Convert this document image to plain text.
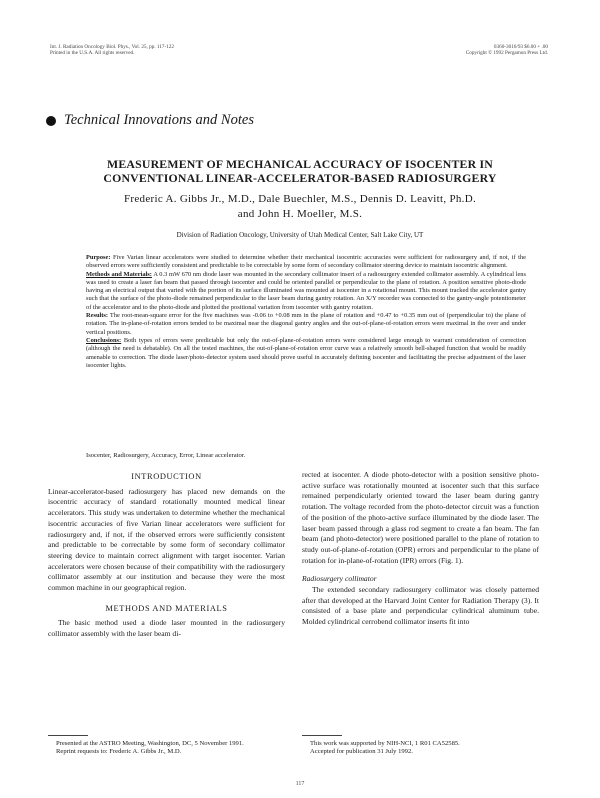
Int. J. Radiation Oncology Biol. Phys., Vol. 25, pp. 117-122
Printed in the U.S.A. All rights reserved.
0360-3016/93 $6.00 + .00
Copyright © 1992 Pergamon Press Ltd.
Technical Innovations and Notes
MEASUREMENT OF MECHANICAL ACCURACY OF ISOCENTER IN
CONVENTIONAL LINEAR-ACCELERATOR-BASED RADIOSURGERY
Frederic A. Gibbs Jr., M.D., Dale Buechler, M.S., Dennis D. Leavitt, Ph.D.
and John H. Moeller, M.S.
Division of Radiation Oncology, University of Utah Medical Center, Salt Lake City, UT

Purpose: Five Varian linear accelerators were studied to determine whether their mechanical isocentric accuracies were sufficient for radiosurgery and, if not, if the observed errors were sufficiently consistent and predictable to be correctable by some form of secondary collimator steering device to maintain isocentric alignment.

Methods and Materials: A 0.3 mW 670 nm diode laser was mounted in the secondary collimator insert of a radiosurgery extended collimator assembly. A cylindrical lens was used to create a laser fan beam that passed through isocenter and could be oriented parallel or perpendicular to the plane of rotation. A position sensitive photo-diode having an electrical output that varied with the portion of its surface illuminated was mounted at isocenter in a rotational mount. This mount tracked the accelerator gantry such that the surface of the photo-diode remained perpendicular to the laser beam during gantry rotation. An X/Y recorder was connected to the gantry-angle potentiometer of the accelerator and to the photo-diode and plotted the positional variation from isocenter with gantry rotation.

Results: The root-mean-square error for the five machines was -0.06 to +0.08 mm in the plane of rotation and +0.47 to +0.35 mm out of (perpendicular to) the plane of rotation. The in-plane-of-rotation errors tended to be maximal near the diagonal gantry angles and the out-of-plane-of-rotation errors were maximal in the over and under vertical positions.

Conclusions: Both types of errors were predictable but only the out-of-plane-of-rotation errors were considered large enough to warrant consideration of correction (although the need is debatable). On all the tested machines, the out-of-plane-of-rotation error curve was a relatively smooth bell-shaped function that would be readily amenable to correction. The diode laser/photo-detector system used should prove useful in accurately defining isocenter and facilitating the precise adjustment of the laser isocenter lights.

Isocenter, Radiosurgery, Accuracy, Error, Linear accelerator.
INTRODUCTION

Linear-accelerator-based radiosurgery has placed new demands on the isocentric accuracy of standard rotationally mounted medical linear accelerators. This study was undertaken to determine whether the mechanical isocentric accuracies of five Varian linear accelerators were sufficient for radiosurgery and, if not, if the observed errors were sufficiently consistent and predictable to be correctable by some form of secondary collimator steering device to maintain correct alignment with target isocenter. Varian accelerators were chosen because of their compatibility with the radiosurgery collimator assembly at our institution and because they were the most common machine in our geographical region.

METHODS AND MATERIALS

The basic method used a diode laser mounted in the radiosurgery collimator assembly with the laser beam di-

rected at isocenter. A diode photo-detector with a position sensitive photo-active surface was rotationally mounted at isocenter such that this surface remained perpendicularly oriented toward the laser beam during gantry rotation. The voltage recorded from the photo-detector circuit was a function of the position of the photo-active surface illuminated by the diode laser. The laser beam passed through a glass rod segment to create a fan beam. The fan beam (and photo-detector) were positioned parallel to the plane of rotation to study out-of-plane-of-rotation (OPR) errors and perpendicular to the plane of rotation for in-plane-of-rotation (IPR) errors (Fig. 1).

Radiosurgery collimator

The extended secondary radiosurgery collimator was closely patterned after that developed at the Harvard Joint Center for Radiation Therapy (3). It consisted of a base plate and perpendicular cylindrical aluminum tube. Molded cylindrical cerrobend collimator inserts fit into

Presented at the ASTRO Meeting, Washington, DC, 5 November 1991.

Reprint requests to: Frederic A. Gibbs Jr., M.D.

This work was supported by NIH-NCI, 1 R01 CA52585.

Accepted for publication 31 July 1992.

117
